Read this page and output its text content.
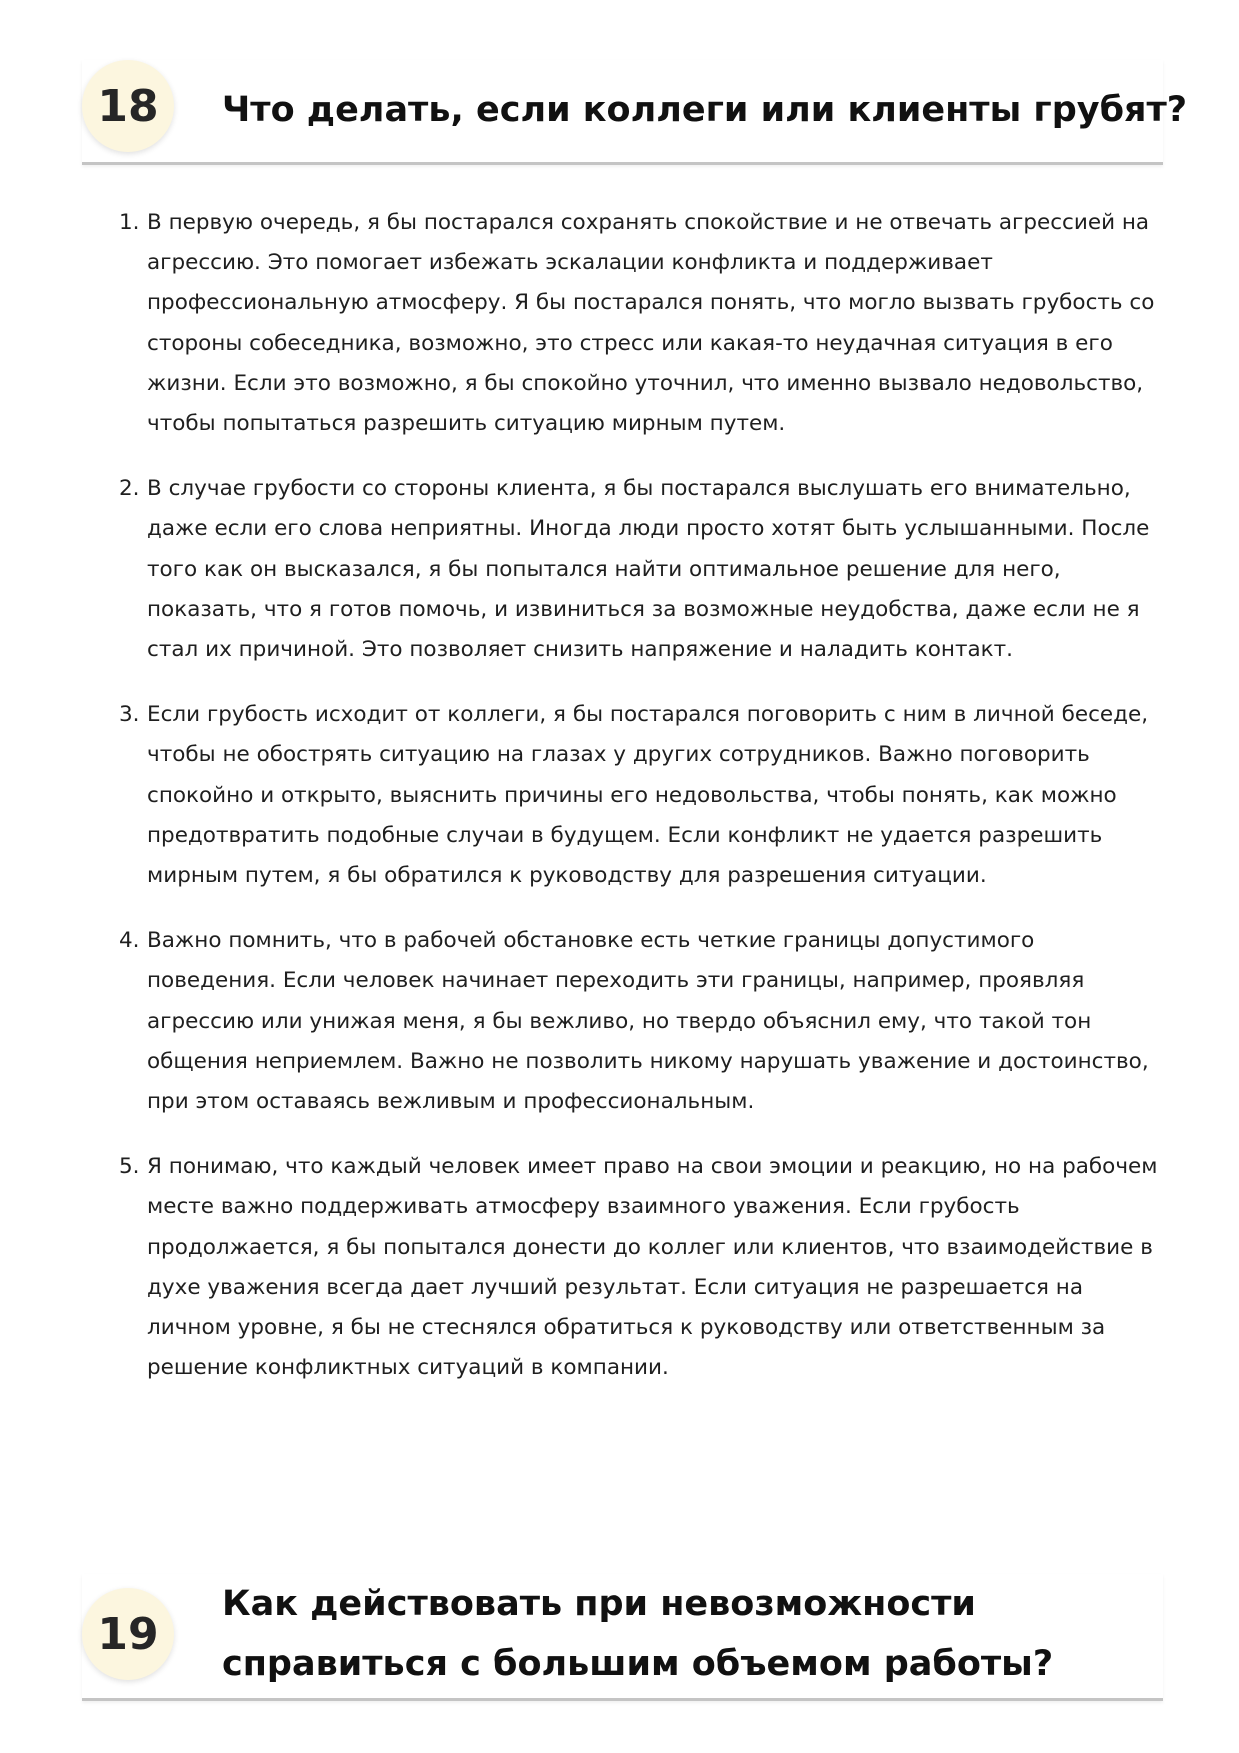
18	Что делать, если коллеги или клиенты грубят?
1. В первую очередь, я бы постарался сохранять спокойствие и не отвечать агрессией на агрессию. Это помогает избежать эскалации конфликта и поддерживает профессиональную атмосферу. Я бы постарался понять, что могло вызвать грубость со стороны собеседника, возможно, это стресс или какая-то неудачная ситуация в его жизни. Если это возможно, я бы спокойно уточнил, что именно вызвало недовольство, чтобы попытаться разрешить ситуацию мирным путем.
2. В случае грубости со стороны клиента, я бы постарался выслушать его внимательно, даже если его слова неприятны. Иногда люди просто хотят быть услышанными. После того как он высказался, я бы попытался найти оптимальное решение для него, показать, что я готов помочь, и извиниться за возможные неудобства, даже если не я стал их причиной. Это позволяет снизить напряжение и наладить контакт.
3. Если грубость исходит от коллеги, я бы постарался поговорить с ним в личной беседе, чтобы не обострять ситуацию на глазах у других сотрудников. Важно поговорить спокойно и открыто, выяснить причины его недовольства, чтобы понять, как можно предотвратить подобные случаи в будущем. Если конфликт не удается разрешить мирным путем, я бы обратился к руководству для разрешения ситуации.
4. Важно помнить, что в рабочей обстановке есть четкие границы допустимого поведения. Если человек начинает переходить эти границы, например, проявляя агрессию или унижая меня, я бы вежливо, но твердо объяснил ему, что такой тон общения неприемлем. Важно не позволить никому нарушать уважение и достоинство, при этом оставаясь вежливым и профессиональным.
5. Я понимаю, что каждый человек имеет право на свои эмоции и реакцию, но на рабочем месте важно поддерживать атмосферу взаимного уважения. Если грубость продолжается, я бы попытался донести до коллег или клиентов, что взаимодействие в духе уважения всегда дает лучший результат. Если ситуация не разрешается на личном уровне, я бы не стеснялся обратиться к руководству или ответственным за решение конфликтных ситуаций в компании.
19
Как действовать при невозможности справиться с большим объемом работы?
